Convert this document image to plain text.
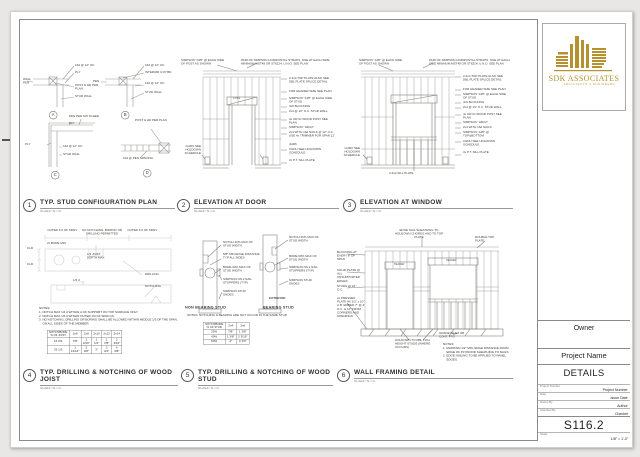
16d @ 12" OC
PLY
WALL PEN
POST & HD PER PLAN
STUD WALL
A
16d @ 12" OC
INTERIOR GYP BD
PEN
16d @ 12" OC
STUD WALL
B
PEN PER SW SCHED
PLY
PLY
16d @ 12" OC
STUD WALL
C
POST & HD PER PLAN
16d @ PEN SPACING
D
1	TYP. STUD CONFIGURATION PLAN
SCALE: N.T.S.
SIMPSON "A35" @ EACH SIDE OF POST AS SHOWN
PAIR OF SIMPSON HORIZONTAL STRAPS, ONE AT EACH SIDE MINIMUM MST48 OR ST6224, U.N.O. SEE PLAN
2-2x4 TOP PLATE ALSO SEE DBL PLATE SPLICE DETAIL
FOR HEADER SIZE SEE PLAN
SIMPSON "A35" @ EACH SIDE OF STUD
4x6 BLOCKING
2x4 @ 16" O.C. STUD WALL
4x OR 6x WOOD POST SEE PLAN
SIMPSON "HDC2"
2x4 WITH 16d NAILS @ 12" O.C. USE 4x TRIMMER FOR SPAN 12'
4HD6
CHDU SEE HOLDOWN SCHEDULE
3x P.T. SILL PLATE
CHDU SEE HOLDOWN SCHEDULE
4 HD2
2	ELEVATION AT DOOR
SCALE: N.T.S.
SIMPSON "A35" @ EACH SIDE OF POST AS SHOWN
PAIR OF SIMPSON HORIZONTAL STRAPS, ONE AT EACH SIDE MINIMUM MST48 OR ST6224, U.N.O. SEE PLAN
2-2x4 TOP PLATE ALSO SEE DBL PLATE SPLICE DETAIL
FOR HEADER SIZE SEE PLAN
SIMPSON "A35" @ EACH SIDE OF STUD
4x6 BLOCKING
2x4 @ 16" O.C. STUD WALL
4x OR 6x WOOD POST SEE PLAN
SIMPSON "HDC2"
2x4 WITH 16d NAILS
SIMPSON "A35" @ TOP&BOTTOM
CHDU SEE HOLDOWN SCHEDULE
3x P.T. SILL PLATE
CHDU SEE HOLDOWN SCHEDULE
2-2x4 SILL PLATE
3	ELEVATION AT WINDOW
SCALE: N.T.S.
OUTER 1/3 OF SPAN NO NOTCHING, BORING OR DRILLING PERMITTED
OUTER 1/3 OF SPAN
2x BORE MIN
CLR
CLR
1/3 JOIST DEPTH MAX
1/6 d
DRILLING
NOTCHING
NOTES:
1. NOTCH MAX 1/4 d WITHIN d OF SUPPORT ON TOP SURFACE ONLY
2. NOTCH MAX 1/6 d WITHIN OUTER 1/3 OF SPAN (d).
3. NO NOTCHING, DRILLING OR BORING SHALL BE ALLOWED WITHIN MIDDLE 1/3 OF THE SPAN, ON ALL SIDES OF THE MEMBER.
NOTCH/BORE % OF JOIST	2x6	2x8	2x10	2x12	2x14
16 2/3	7/8"	1 3/16"	1 1/2"	1 7/8"	2 3/16"
33 1/3	1 13/16"	2 3/8"	3"	3 3/4"	4 3/8"
4	TYP. DRILLING & NOTCHING OF WOOD JOIST
SCALE: N.T.S.
NOTCH 40% MAX OF STUD WIDTH
5/8" MIN EDGE DISTANCE TYP ALL SIDES
BORE 60% MAX OF STUD WIDTH
SIMPSON NS 2 NAIL STOPPERS (TYP)
SIMPSON STUD SHOES
NOTCH 25% MAX OF STUD WIDTH
BORE 60% MAX OF STUD WIDTH
SIMPSON NS 2 NAIL STOPPERS (TYP)
SIMPSON STUD SHOES
EXTERIOR
NON BEARING STUD	BEARING STUD
NOTES: NOTCHING & BEARING ARE NOT OCCUR IN THE SAME STUD
NOTCH/BORE % OF STUD	2x4	2x6
25%	7/8"	1 3/8"
40%	1 3/8"	2 3/16"
60%	2"	3 1/4"
5	TYP. DRILLING & NOTCHING OF WOOD STUD
SCALE: N.T.S.
EDGE NAIL SHEATHING TO HOLDOWN CHORDS AND TO TOP PLATE	DOUBLE TOP PLATE
BLOCKING AT EVERY 8' OF SPAN
SOLID PLATE @ ALL UNSUPPORTED EDGES
STUDS @ 16" O.C.
2x PRESSED PLATE W/ 1/2" x 10" A.B. EMBED 7" @ 4' O.C. & 12" FROM CORNERS AND OPENINGS
HEADER
HEADER
HOLDOWN TO DBL FULL HEIGHT STUDS (WHERE OCCURS)
GRADE BEAM OR CONT. FTG
NOTES:
1. MAINTAIN 1/2" MIN. EDGE DISTANCE FROM EDGE OF PLYWOOD SHEATHING TO NAILS
2. EDGE NAILING TO BE APPLIED TO PANEL EDGES
6	WALL FRAMING DETAIL
SCALE: N.T.S.
SDK ASSOCIATES
ARCHITECTS & ENGINEERS
Owner
Project Name
DETAILS
Project Number
Project Number
Date
Issue Date
Drawn By
Author
Checked By
Checker
S116.2
Scale
1/8" = 1'-0"
